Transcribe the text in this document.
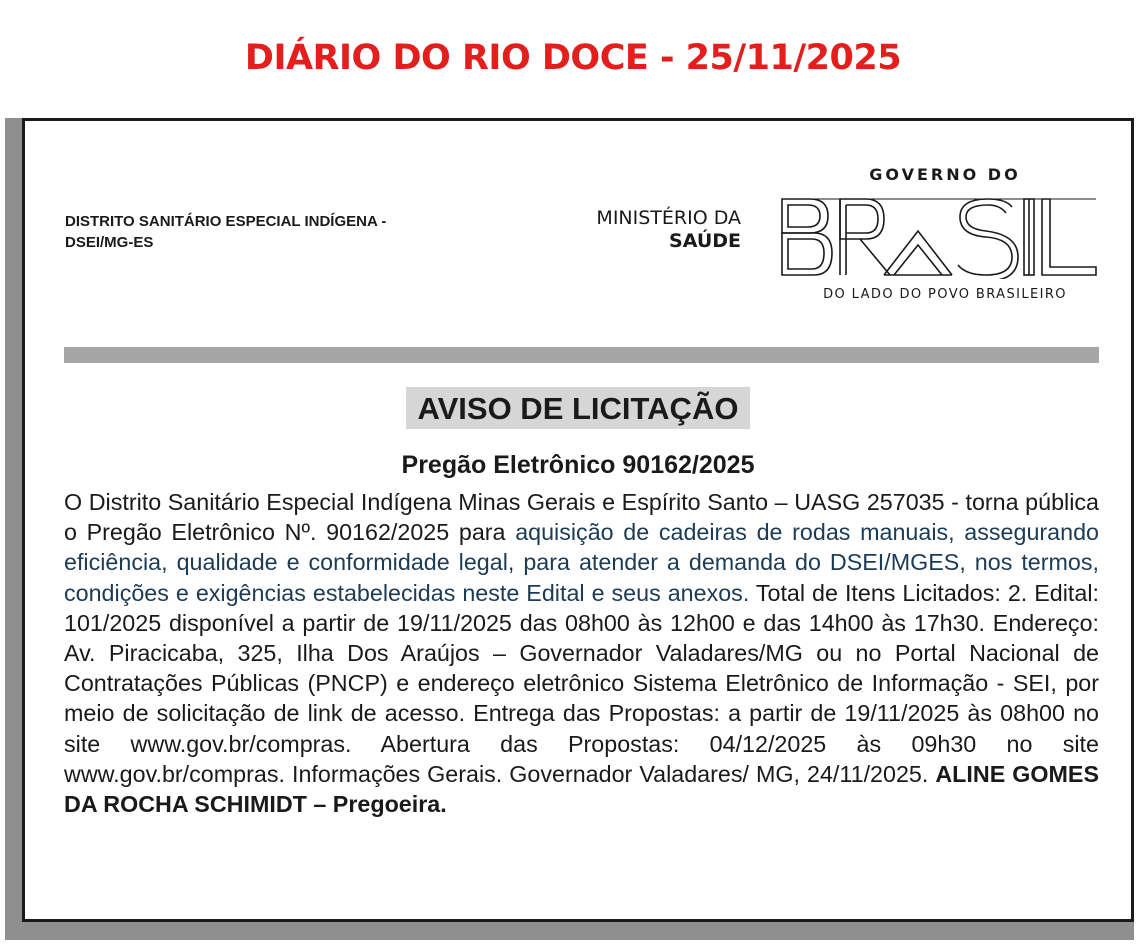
DIÁRIO DO RIO DOCE - 25/11/2025
DISTRITO SANITÁRIO ESPECIAL INDÍGENA -
DSEI/MG-ES
MINISTÉRIO DA
SAÚDE
GOVERNO DO
DO LADO DO POVO BRASILEIRO
AVISO DE LICITAÇÃO
Pregão Eletrônico 90162/2025
O Distrito Sanitário Especial Indígena Minas Gerais e Espírito Santo – UASG 257035 - torna pública o Pregão Eletrônico Nº. 90162/2025 para aquisição de cadeiras de rodas manuais, assegurando eficiência, qualidade e conformidade legal, para atender a demanda do DSEI/MGES, nos termos, condições e exigências estabelecidas neste Edital e seus anexos. Total de Itens Licitados: 2. Edital: 101/2025 disponível a partir de 19/11/2025 das 08h00 às 12h00 e das 14h00 às 17h30. Endereço: Av. Piracicaba, 325, Ilha Dos Araújos – Governador Valadares/MG ou no Portal Nacional de Contratações Públicas (PNCP) e endereço eletrônico Sistema Eletrônico de Informação - SEI, por meio de solicitação de link de acesso. Entrega das Propostas: a partir de 19/11/2025 às 08h00 no site www.gov.br/compras. Abertura das Propostas: 04/12/2025 às 09h30 no site www.gov.br/compras. Informações Gerais. Governador Valadares/ MG, 24/11/2025. ALINE GOMES DA ROCHA SCHIMIDT – Pregoeira.
